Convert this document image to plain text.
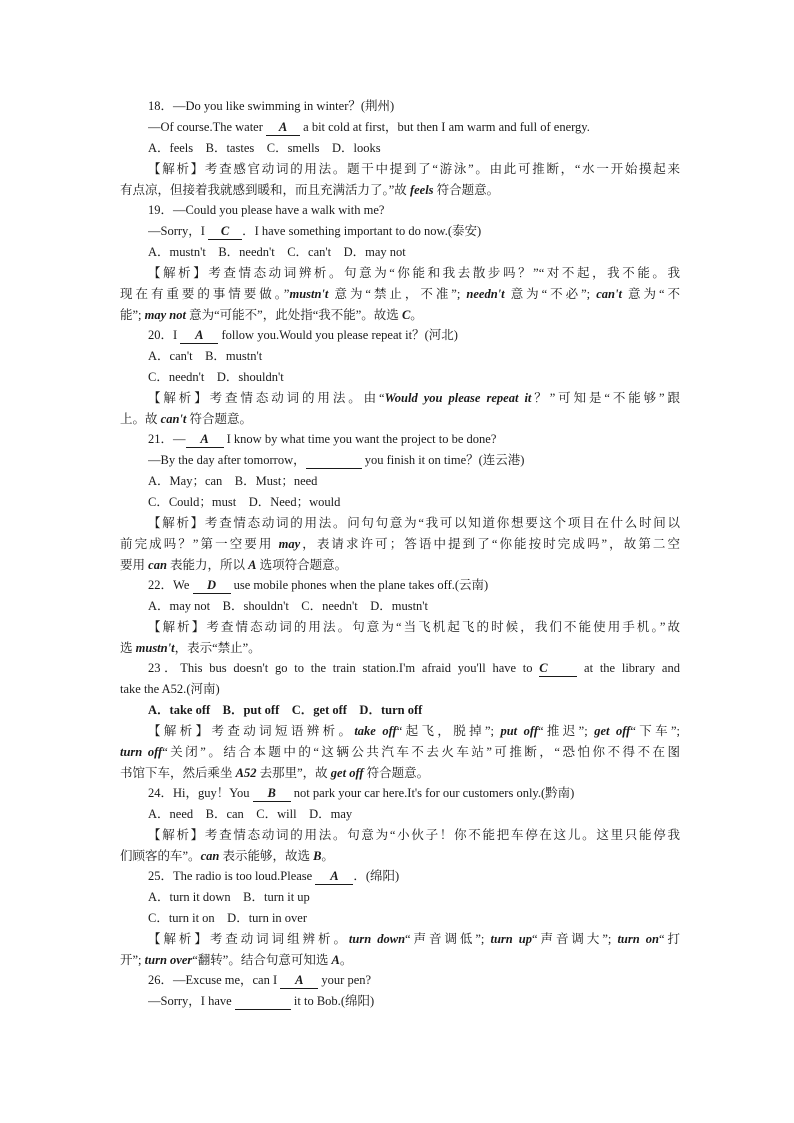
18．—Do you like swimming in winter？(荆州)
—Of course.The water A a bit cold at first，but then I am warm and full of energy.
A．feels　B．tastes　C．smells　D．looks
【解析】考查感官动词的用法。题干中提到了“游泳”。由此可推断，“水一开始摸起来
有点凉，但接着我就感到暖和，而且充满活力了。”故 feels 符合题意。
19．—Could you please have a walk with me?
—Sorry，I C ．I have something important to do now.(泰安)
A．mustn't　B．needn't　C．can't　D．may not
【解析】考查情态动词辨析。句意为“你能和我去散步吗？”“对不起，我不能。我
现在有重要的事情要做。”mustn't 意为“禁止，不准”; needn't 意为“不必”; can't 意为“不
能”; may not 意为“可能不”，此处指“我不能”。故选 C。
20．I A follow you.Would you please repeat it？(河北)
A．can't　B．mustn't
C．needn't　D．shouldn't
【解析】考查情态动词的用法。由“Would you please repeat it？”可知是“不能够”跟
上。故 can't 符合题意。
21．— A I know by what time you want the project to be done?
—By the day after tomorrow，	you finish it on time？(连云港)
A．May；can　B．Must；need
C．Could；must　D．Need；would
【解析】考查情态动词的用法。问句句意为“我可以知道你想要这个项目在什么时间以
前完成吗？”第一空要用 may，表请求许可；答语中提到了“你能按时完成吗”，故第二空
要用 can 表能力，所以 A 选项符合题意。
22．We D use mobile phones when the plane takes off.(云南)
A．may not　B．shouldn't　C．needn't　D．mustn't
【解析】考查情态动词的用法。句意为“当飞机起飞的时候，我们不能使用手机。”故
选 mustn't，表示“禁止”。
23．This bus doesn't go to the train station.I'm afraid you'll have to C at the library and
take the A52.(河南)
A．take off　B．put off　C．get off　D．turn off
【解析】考查动词短语辨析。take off“起飞，脱掉”; put off“推迟”; get off“下车”;
turn off“关闭”。结合本题中的“这辆公共汽车不去火车站”可推断，“恐怕你不得不在图
书馆下车，然后乘坐 A52 去那里”，故 get off 符合题意。
24．Hi，guy！You B not park your car here.It's for our customers only.(黔南)
A．need　B．can　C．will　D．may
【解析】考查情态动词的用法。句意为“小伙子！你不能把车停在这儿。这里只能停我
们顾客的车”。can 表示能够，故选 B。
25．The radio is too loud.Please A ．(绵阳)
A．turn it down　B．turn it up
C．turn it on　D．turn in over
【解析】考查动词词组辨析。turn down“声音调低”; turn up“声音调大”; turn on“打
开”; turn over“翻转”。结合句意可知选 A。
26．—Excuse me，can I A your pen?
—Sorry，I have	it to Bob.(绵阳)
